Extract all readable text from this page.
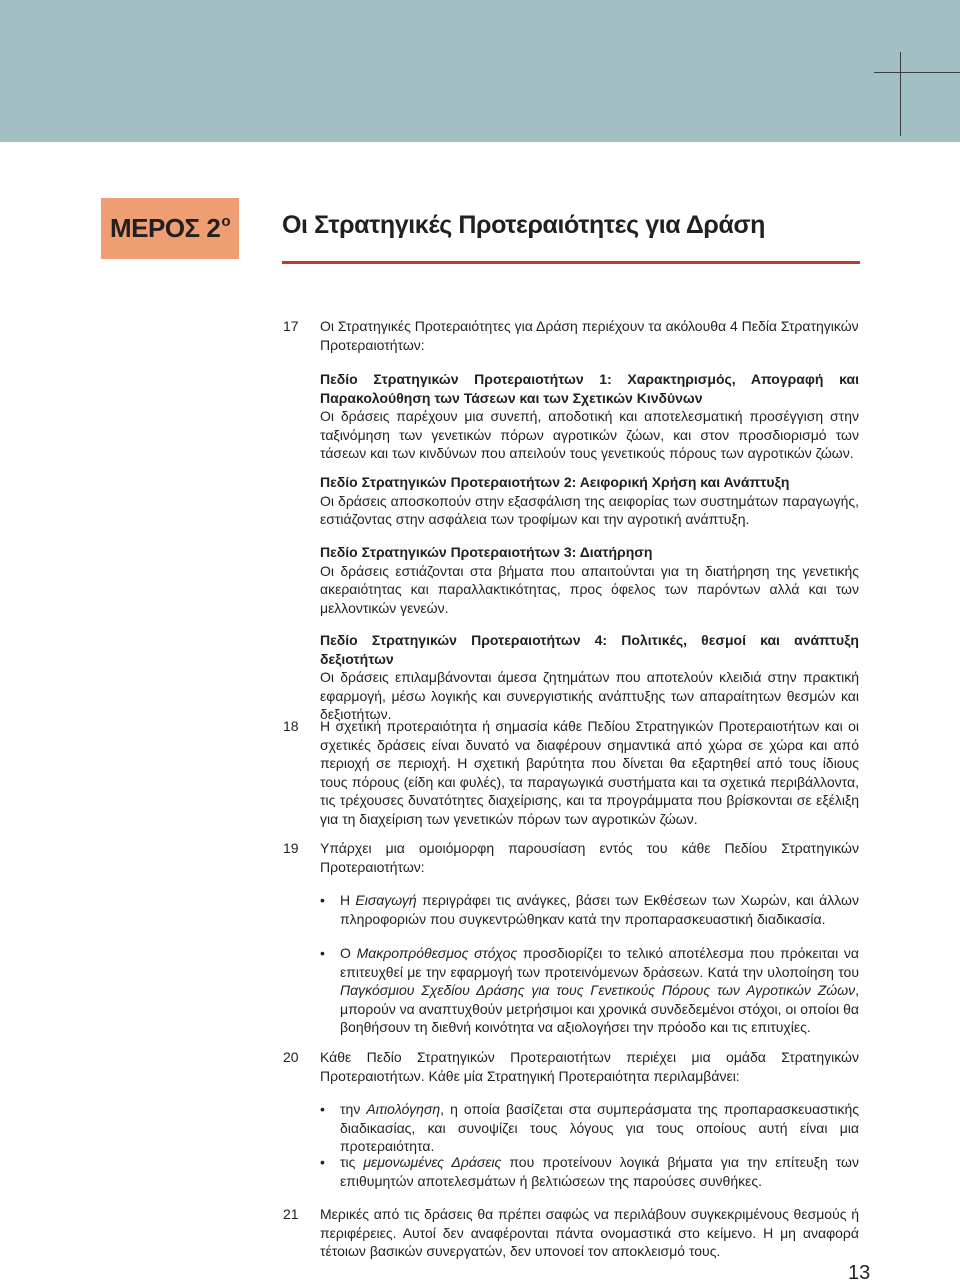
ΜΕΡΟΣ $2^o$ Οι Στρατηγικές Προτεραιότητες για Δράση
17 Οι Στρατηγικές Προτεραιότητες για Δράση περιέχουν τα ακόλουθα 4 Πεδία Στρατηγικών Προτεραιοτήτων:

Πεδίο Στρατηγικών Προτεραιοτήτων 1: Χαρακτηρισμός, Απογραφή και Παρακολούθηση των Τάσεων και των Σχετικών Κινδύνων

Οι δράσεις παρέχουν μια συνεπή, αποδοτική και αποτελεσματική προσέγγιση στην ταξινόμηση των γενετικών πόρων αγροτικών ζώων, και στον προσδιορισμό των τάσεων και των κινδύνων που απειλούν τους γενετικούς πόρους των αγροτικών ζώων.

Πεδίο Στρατηγικών Προτεραιοτήτων 2: Αειφορική Χρήση και Ανάπτυξη

Οι δράσεις αποσκοπούν στην εξασφάλιση της αειφορίας των συστημάτων παραγωγής, εστιάζοντας στην ασφάλεια των τροφίμων και την αγροτική ανάπτυξη.

Πεδίο Στρατηγικών Προτεραιοτήτων 3: Διατήρηση

Οι δράσεις εστιάζονται στα βήματα που απαιτούνται για τη διατήρηση της γενετικής ακεραιότητας και παραλλακτικότητας, προς όφελος των παρόντων αλλά και των μελλοντικών γενεών.

Πεδίο Στρατηγικών Προτεραιοτήτων 4: Πολιτικές, θεσμοί και ανάπτυξη δεξιοτήτων

Οι δράσεις επιλαμβάνονται άμεσα ζητημάτων που αποτελούν κλειδιά στην πρακτική εφαρμογή, μέσω λογικής και συνεργιστικής ανάπτυξης των απαραίτητων θεσμών και δεξιοτήτων.

18 Η σχετική προτεραιότητα ή σημασία κάθε Πεδίου Στρατηγικών Προτεραιοτήτων και οι σχετικές δράσεις είναι δυνατό να διαφέρουν σημαντικά από χώρα σε χώρα και από περιοχή σε περιοχή. Η σχετική βαρύτητα που δίνεται θα εξαρτηθεί από τους ίδιους τους πόρους (είδη και φυλές), τα παραγωγικά συστήματα και τα σχετικά περιβάλλοντα, τις τρέχουσες δυνατότητες διαχείρισης, και τα προγράμματα που βρίσκονται σε εξέλιξη για τη διαχείριση των γενετικών πόρων των αγροτικών ζώων.

19 Υπάρχει μια ομοιόμορφη παρουσίαση εντός του κάθε Πεδίου Στρατηγικών Προτεραιοτήτων:

• Η Εισαγωγή περιγράφει τις ανάγκες, βάσει των Εκθέσεων των Χωρών, και άλλων πληροφοριών που συγκεντρώθηκαν κατά την προπαρασκευαστική διαδικασία.

• Ο Μακροπρόθεσμος στόχος προσδιορίζει το τελικό αποτέλεσμα που πρόκειται να επιτευχθεί με την εφαρμογή των προτεινόμενων δράσεων. Κατά την υλοποίηση του Παγκόσμιου Σχεδίου Δράσης για τους Γενετικούς Πόρους των Αγροτικών Ζώων, μπορούν να αναπτυχθούν μετρήσιμοι και χρονικά συνδεδεμένοι στόχοι, οι οποίοι θα βοηθήσουν τη διεθνή κοινότητα να αξιολογήσει την πρόοδο και τις επιτυχίες.

20 Κάθε Πεδίο Στρατηγικών Προτεραιοτήτων περιέχει μια ομάδα Στρατηγικών Προτεραιοτήτων. Κάθε μία Στρατηγική Προτεραιότητα περιλαμβάνει:

• την Αιτιολόγηση, η οποία βασίζεται στα συμπεράσματα της προπαρασκευαστικής διαδικασίας, και συνοψίζει τους λόγους για τους οποίους αυτή είναι μια προτεραιότητα.

• τις μεμονωμένες Δράσεις που προτείνουν λογικά βήματα για την επίτευξη των επιθυμητών αποτελεσμάτων ή βελτιώσεων της παρούσες συνθήκες.

21 Μερικές από τις δράσεις θα πρέπει σαφώς να περιλάβουν συγκεκριμένους θεσμούς ή περιφέρειες. Αυτοί δεν αναφέρονται πάντα ονομαστικά στο κείμενο. Η μη αναφορά τέτοιων βασικών συνεργατών, δεν υπονοεί τον αποκλεισμό τους.

13
